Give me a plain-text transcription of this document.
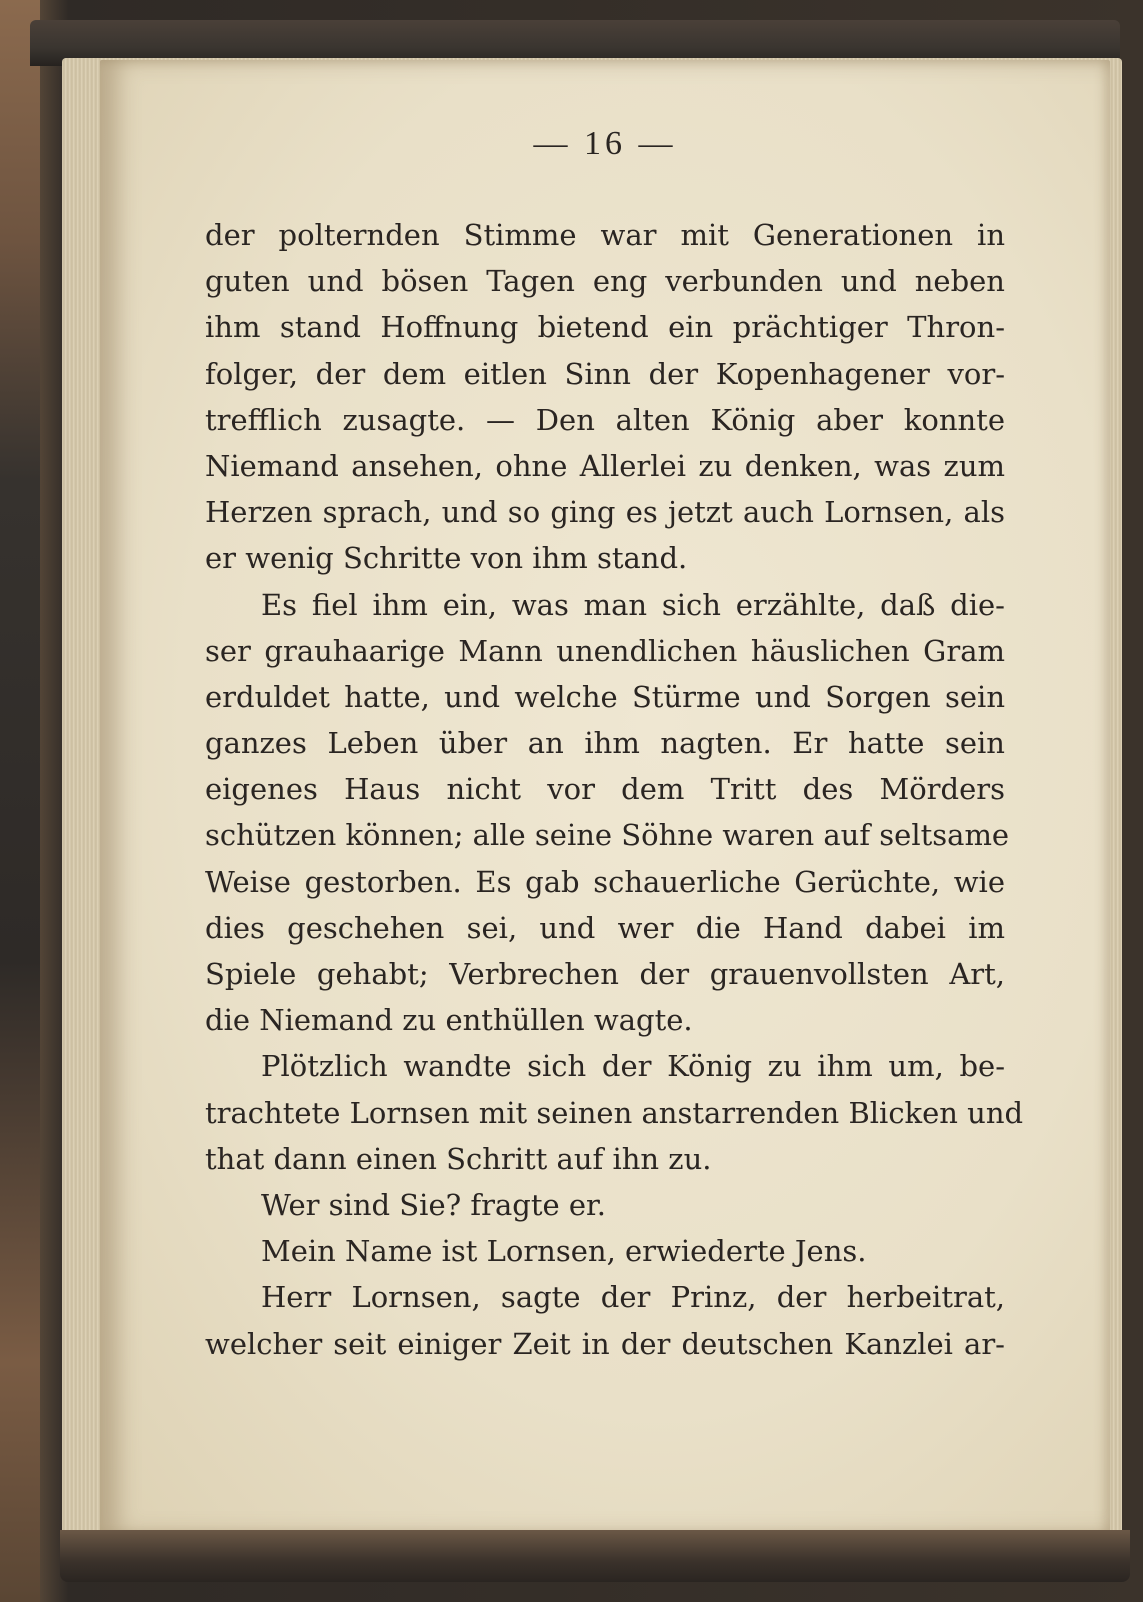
— 16 —
der polternden Stimme war mit Generationen in
guten und bösen Tagen eng verbunden und neben
ihm stand Hoffnung bietend ein prächtiger Thron-
folger, der dem eitlen Sinn der Kopenhagener vor-
trefflich zusagte. — Den alten König aber konnte
Niemand ansehen, ohne Allerlei zu denken, was zum
Herzen sprach, und so ging es jetzt auch Lornsen, als
er wenig Schritte von ihm stand.
Es fiel ihm ein, was man sich erzählte, daß die-
ser grauhaarige Mann unendlichen häuslichen Gram
erduldet hatte, und welche Stürme und Sorgen sein
ganzes Leben über an ihm nagten. Er hatte sein
eigenes Haus nicht vor dem Tritt des Mörders
schützen können; alle seine Söhne waren auf seltsame
Weise gestorben. Es gab schauerliche Gerüchte, wie
dies geschehen sei, und wer die Hand dabei im
Spiele gehabt; Verbrechen der grauenvollsten Art,
die Niemand zu enthüllen wagte.
Plötzlich wandte sich der König zu ihm um, be-
trachtete Lornsen mit seinen anstarrenden Blicken und
that dann einen Schritt auf ihn zu.
Wer sind Sie? fragte er.
Mein Name ist Lornsen, erwiederte Jens.
Herr Lornsen, sagte der Prinz, der herbeitrat,
welcher seit einiger Zeit in der deutschen Kanzlei ar-
